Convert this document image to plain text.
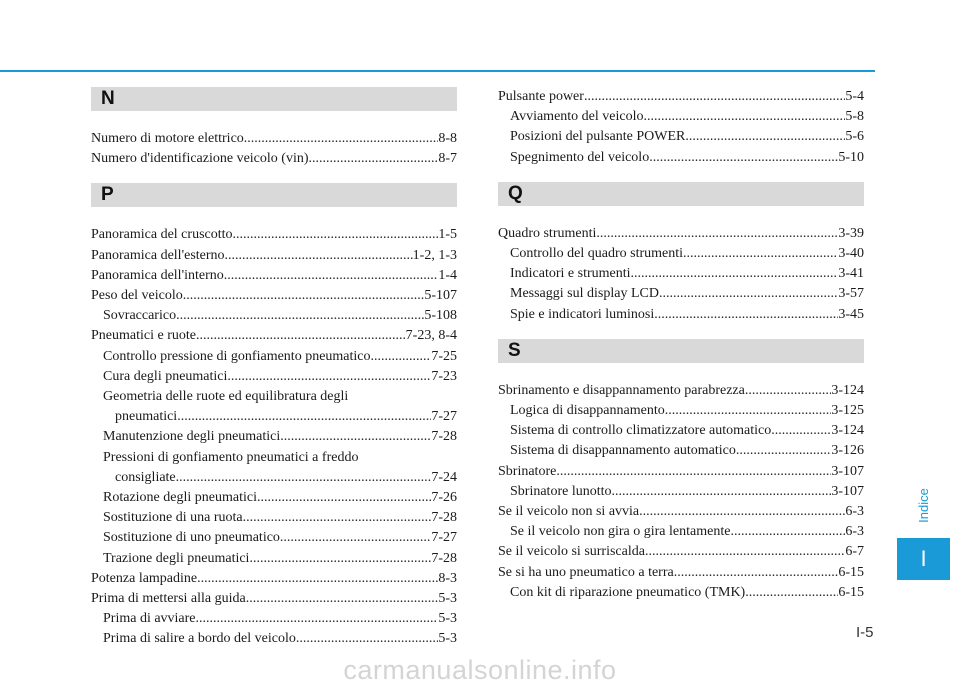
N
Numero di motore elettrico .....	8-8
Numero d'identificazione veicolo (vin) .....	8-7
P
Panoramica del cruscotto .....	1-5
Panoramica dell'esterno .....	1-2, 1-3
Panoramica dell'interno .....	1-4
Peso del veicolo .....	5-107
Sovraccarico .....	5-108
Pneumatici e ruote .....	7-23, 8-4
Controllo pressione di gonfiamento pneumatico .....	7-25
Cura degli pneumatici .....	7-23
Geometria delle ruote ed equilibratura degli
pneumatici .....	7-27
Manutenzione degli pneumatici .....	7-28
Pressioni di gonfiamento pneumatici a freddo
consigliate .....	7-24
Rotazione degli pneumatici .....	7-26
Sostituzione di una ruota .....	7-28
Sostituzione di uno pneumatico .....	7-27
Trazione degli pneumatici .....	7-28
Potenza lampadine .....	8-3
Prima di mettersi alla guida .....	5-3
Prima di avviare .....	5-3
Prima di salire a bordo del veicolo .....	5-3
Pulsante power .....	5-4
Avviamento del veicolo .....	5-8
Posizioni del pulsante POWER .....	5-6
Spegnimento del veicolo .....	5-10
Q
Quadro strumenti .....	3-39
Controllo del quadro strumenti .....	3-40
Indicatori e strumenti .....	3-41
Messaggi sul display LCD .....	3-57
Spie e indicatori luminosi .....	3-45
S
Sbrinamento e disappannamento parabrezza .....	3-124
Logica di disappannamento .....	3-125
Sistema di controllo climatizzatore automatico .....	3-124
Sistema di disappannamento automatico .....	3-126
Sbrinatore .....	3-107
Sbrinatore lunotto .....	3-107
Se il veicolo non si avvia .....	6-3
Se il veicolo non gira o gira lentamente .....	6-3
Se il veicolo si surriscalda .....	6-7
Se si ha uno pneumatico a terra .....	6-15
Con kit di riparazione pneumatico (TMK) .....	6-15
Indice
I
I-5
carmanualsonline.info
